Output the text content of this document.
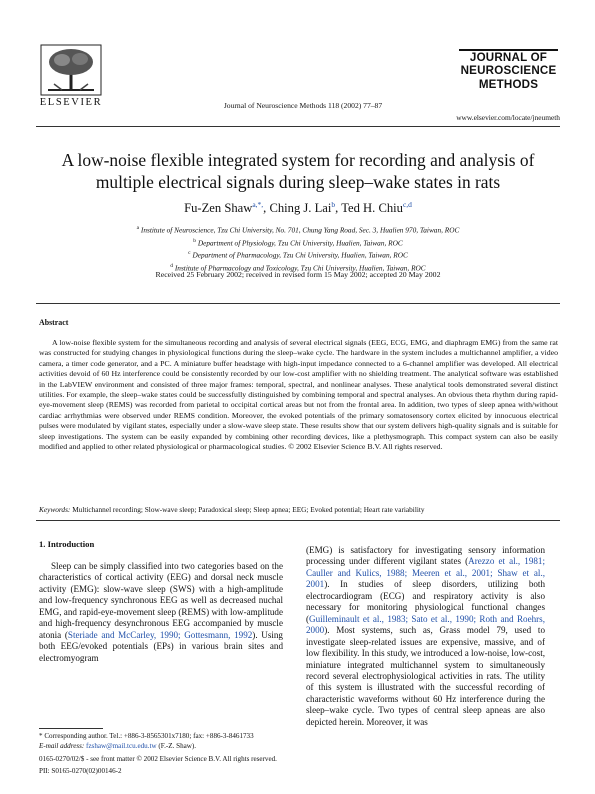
ELSEVIER	Journal of Neuroscience Methods 118 (2002) 77–87
JOURNAL OF
NEUROSCIENCE
METHODS
www.elsevier.com/locate/jneumeth
A low-noise flexible integrated system for recording and analysis of multiple electrical signals during sleep–wake states in rats
Fu-Zen Shaw$^{a,*,}$, Ching J. Lai$^b$, Ted H. Chiu$^{c,d}$
$^a$ Institute of Neuroscience, Tzu Chi University, No. 701, Chung Yang Road, Sec. 3, Hualien 970, Taiwan, ROC
$^b$ Department of Physiology, Tzu Chi University, Hualien, Taiwan, ROC
$^c$ Department of Pharmacology, Tzu Chi University, Hualien, Taiwan, ROC
$^d$ Institute of Pharmacology and Toxicology, Tzu Chi University, Hualien, Taiwan, ROC
Received 25 February 2002; received in revised form 15 May 2002; accepted 20 May 2002
Abstract
A low-noise flexible system for the simultaneous recording and analysis of several electrical signals (EEG, ECG, EMG, and diaphragm EMG) from the same rat was constructed for studying changes in physiological functions during the sleep–wake cycle. The hardware in the system includes a multichannel amplifier, a video camera, a timer code generator, and a PC. A miniature buffer headstage with high-input impedance connected to a 6-channel amplifier was developed. All electrical activities devoid of 60 Hz interference could be consistently recorded by our low-cost amplifier with no shielding treatment. The analytical software was established in the LabVIEW environment and consisted of three major frames: temporal, spectral, and nonlinear analyses. These analytical tools demonstrated several distinct utilities. For example, the sleep–wake states could be successfully distinguished by combining temporal and spectral analyses. An obvious theta rhythm during rapid-eye-movement sleep (REMS) was recorded from parietal to occipital cortical areas but not from the frontal area. In addition, two types of sleep apnea with/without cardiac arrhythmias were observed under REMS condition. Moreover, the evoked potentials of the primary somatosensory cortex elicited by innocuous electrical pulses were modulated by vigilant states, especially under a slow-wave sleep state. These results show that our system delivers high-quality signals and is suitable for sleep investigations. The system can be easily expanded by combining other recording devices, like a plethysmograph. This compact system can also be easily modified and applied to other related physiological or pharmacological studies. © 2002 Elsevier Science B.V. All rights reserved.
Keywords: Multichannel recording; Slow-wave sleep; Paradoxical sleep; Sleep apnea; EEG; Evoked potential; Heart rate variability
1. Introduction
Sleep can be simply classified into two categories based on the characteristics of cortical activity (EEG) and dorsal neck muscle activity (EMG): slow-wave sleep (SWS) with a high-amplitude and low-frequency synchronous EEG as well as decreased nuchal EMG, and rapid-eye-movement sleep (REMS) with low-amplitude and high-frequency desynchronous EEG accompanied by muscle atonia (Steriade and McCarley, 1990; Gottesmann, 1992). Using both EEG/evoked potentials (EPs) in various brain sites and electromyogram
(EMG) is satisfactory for investigating sensory information processing under different vigilant states (Arezzo et al., 1981; Cauller and Kulics, 1988; Meeren et al., 2001; Shaw et al., 2001). In studies of sleep disorders, utilizing both electrocardiogram (ECG) and respiratory activity is also necessary for monitoring physiological functional changes (Guilleminault et al., 1983; Sato et al., 1990; Roth and Roehrs, 2000). Most systems, such as, Grass model 79, used to investigate sleep-related issues are expensive, massive, and of low flexibility. In this study, we introduced a low-noise, low-cost, miniature integrated multichannel system to simultaneously record several electrophysiological activities in rats. The utility of this system is illustrated with the successful recording of characteristic waveforms without 60 Hz interference during the sleep–wake cycle. Two types of central sleep apneas are also depicted herein. Moreover, it was
* Corresponding author. Tel.: +886-3-8565301x7180; fax: +886-3-8461733
E-mail address: fzshaw@mail.tcu.edu.tw (F.-Z. Shaw).
0165-0270/02/$ - see front matter © 2002 Elsevier Science B.V. All rights reserved.
PII: S0165-0270(02)00146-2
